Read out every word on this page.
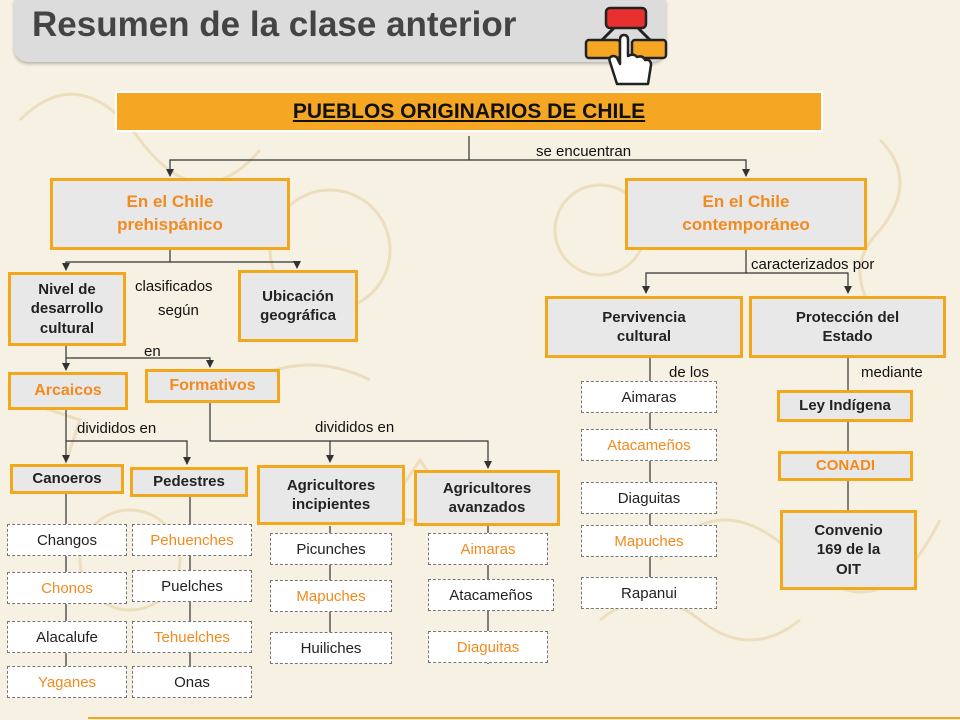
Resumen de la clase anterior
PUEBLOS ORIGINARIOS DE CHILE
En el Chile
prehispánico
En el Chile
contemporáneo
Nivel de
desarrollo
cultural
Ubicación
geográfica
Arcaicos	Formativos
Canoeros	Pedestres	Agricultores
incipientes
Agricultores
avanzados
Pervivencia
cultural
Protección del
Estado
Ley Indígena
CONADI
Convenio
169 de la
OIT
Changos
Chonos
Alacalufe
Yaganes
Pehuenches
Puelches
Tehuelches
Onas
Picunches
Mapuches
Huiliches
Aimaras
Atacameños
Diaguitas
Aimaras
Atacameños
Diaguitas
Mapuches
Rapanui
se encuentran
clasificados
según
en
divididos en	divididos en
caracterizados por
de los	mediante
